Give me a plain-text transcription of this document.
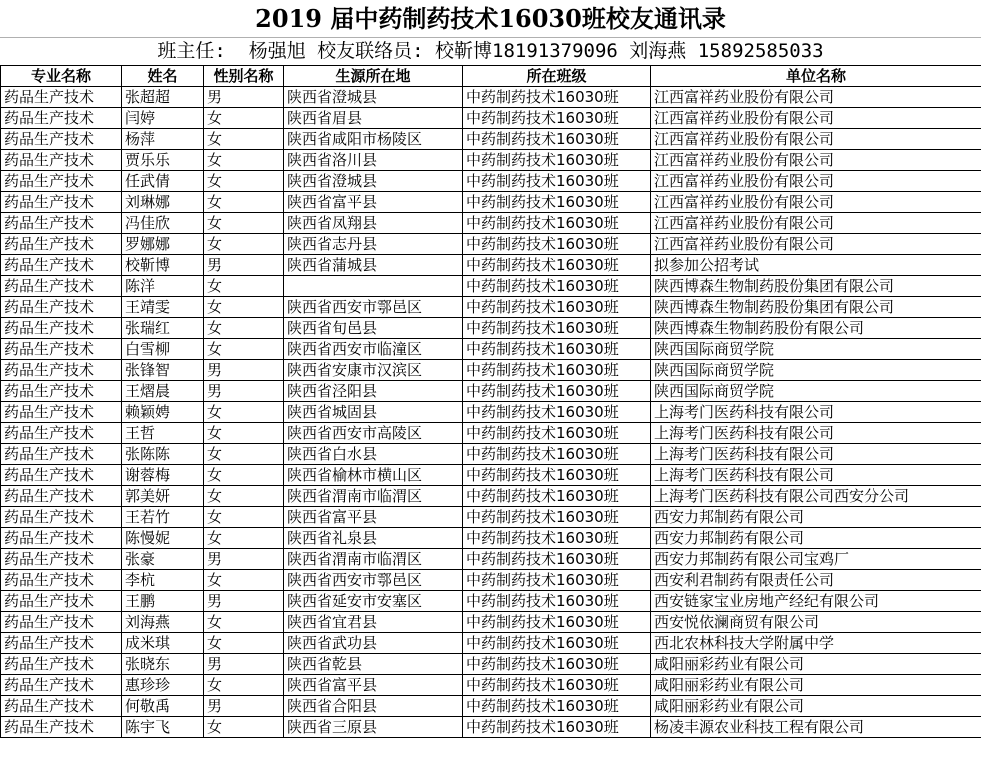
2019 届中药制药技术16030班校友通讯录
班主任:  杨强旭 校友联络员: 校靳博18191379096 刘海燕 15892585033
专业名称	姓名	性别名称	生源所在地	所在班级	单位名称
药品生产技术	张超超	男	陕西省澄城县	中药制药技术16030班	江西富祥药业股份有限公司
药品生产技术	闫婷	女	陕西省眉县	中药制药技术16030班	江西富祥药业股份有限公司
药品生产技术	杨萍	女	陕西省咸阳市杨陵区	中药制药技术16030班	江西富祥药业股份有限公司
药品生产技术	贾乐乐	女	陕西省洛川县	中药制药技术16030班	江西富祥药业股份有限公司
药品生产技术	任武倩	女	陕西省澄城县	中药制药技术16030班	江西富祥药业股份有限公司
药品生产技术	刘琳娜	女	陕西省富平县	中药制药技术16030班	江西富祥药业股份有限公司
药品生产技术	冯佳欣	女	陕西省凤翔县	中药制药技术16030班	江西富祥药业股份有限公司
药品生产技术	罗娜娜	女	陕西省志丹县	中药制药技术16030班	江西富祥药业股份有限公司
药品生产技术	校靳博	男	陕西省蒲城县	中药制药技术16030班	拟参加公招考试
药品生产技术	陈洋	女		中药制药技术16030班	陕西博森生物制药股份集团有限公司
药品生产技术	王靖雯	女	陕西省西安市鄠邑区	中药制药技术16030班	陕西博森生物制药股份集团有限公司
药品生产技术	张瑞红	女	陕西省旬邑县	中药制药技术16030班	陕西博森生物制药股份有限公司
药品生产技术	白雪柳	女	陕西省西安市临潼区	中药制药技术16030班	陕西国际商贸学院
药品生产技术	张锋智	男	陕西省安康市汉滨区	中药制药技术16030班	陕西国际商贸学院
药品生产技术	王熠晨	男	陕西省泾阳县	中药制药技术16030班	陕西国际商贸学院
药品生产技术	赖颖娉	女	陕西省城固县	中药制药技术16030班	上海考门医药科技有限公司
药品生产技术	王哲	女	陕西省西安市高陵区	中药制药技术16030班	上海考门医药科技有限公司
药品生产技术	张陈陈	女	陕西省白水县	中药制药技术16030班	上海考门医药科技有限公司
药品生产技术	谢蓉梅	女	陕西省榆林市横山区	中药制药技术16030班	上海考门医药科技有限公司
药品生产技术	郭美妍	女	陕西省渭南市临渭区	中药制药技术16030班	上海考门医药科技有限公司西安分公司
药品生产技术	王若竹	女	陕西省富平县	中药制药技术16030班	西安力邦制药有限公司
药品生产技术	陈慢妮	女	陕西省礼泉县	中药制药技术16030班	西安力邦制药有限公司
药品生产技术	张豪	男	陕西省渭南市临渭区	中药制药技术16030班	西安力邦制药有限公司宝鸡厂
药品生产技术	李杭	女	陕西省西安市鄠邑区	中药制药技术16030班	西安利君制药有限责任公司
药品生产技术	王鹏	男	陕西省延安市安塞区	中药制药技术16030班	西安链家宝业房地产经纪有限公司
药品生产技术	刘海燕	女	陕西省宜君县	中药制药技术16030班	西安悦依澜商贸有限公司
药品生产技术	成米琪	女	陕西省武功县	中药制药技术16030班	西北农林科技大学附属中学
药品生产技术	张晓东	男	陕西省乾县	中药制药技术16030班	咸阳丽彩药业有限公司
药品生产技术	惠珍珍	女	陕西省富平县	中药制药技术16030班	咸阳丽彩药业有限公司
药品生产技术	何敬禹	男	陕西省合阳县	中药制药技术16030班	咸阳丽彩药业有限公司
药品生产技术	陈宇飞	女	陕西省三原县	中药制药技术16030班	杨凌丰源农业科技工程有限公司
